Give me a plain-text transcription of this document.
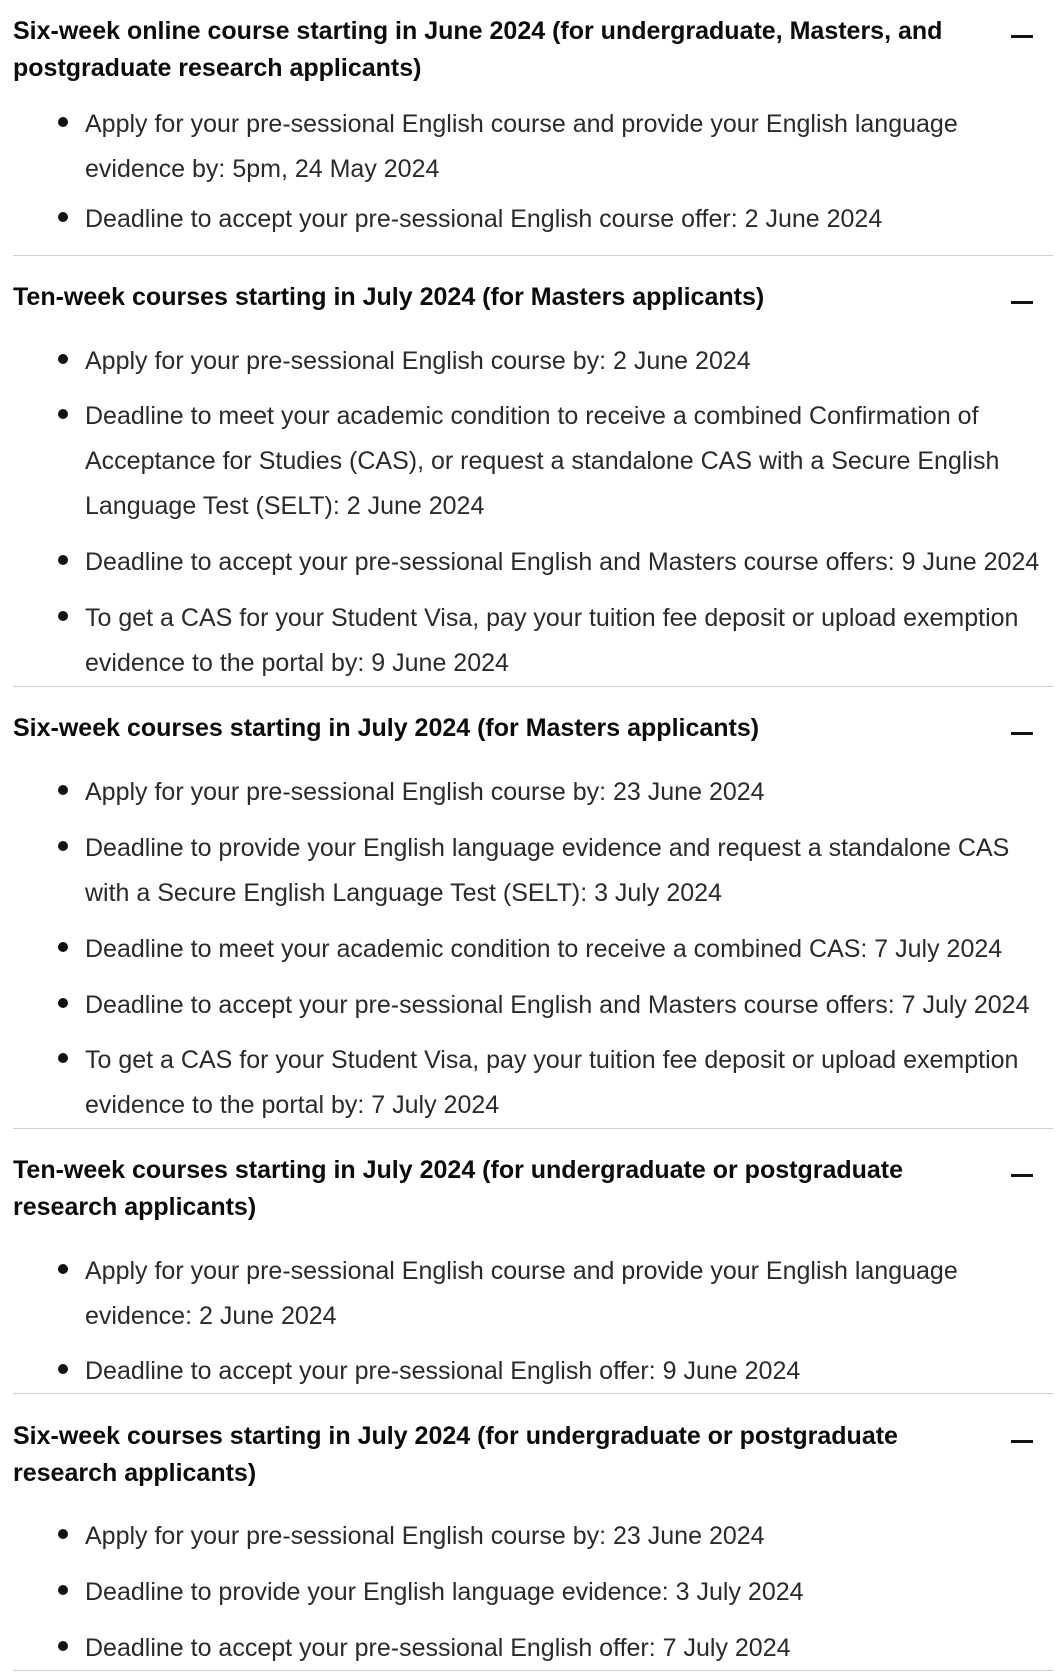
Six-week online course starting in June 2024 (for undergraduate, Masters, and postgraduate research applicants)
Apply for your pre-sessional English course and provide your English language evidence by: 5pm, 24 May 2024
Deadline to accept your pre-sessional English course offer: 2 June 2024
Ten-week courses starting in July 2024 (for Masters applicants)
Apply for your pre-sessional English course by: 2 June 2024
Deadline to meet your academic condition to receive a combined Confirmation of Acceptance for Studies (CAS), or request a standalone CAS with a Secure English Language Test (SELT): 2 June 2024
Deadline to accept your pre-sessional English and Masters course offers: 9 June 2024
To get a CAS for your Student Visa, pay your tuition fee deposit or upload exemption evidence to the portal by: 9 June 2024
Six-week courses starting in July 2024 (for Masters applicants)
Apply for your pre-sessional English course by: 23 June 2024
Deadline to provide your English language evidence and request a standalone CAS with a Secure English Language Test (SELT): 3 July 2024
Deadline to meet your academic condition to receive a combined CAS: 7 July 2024
Deadline to accept your pre-sessional English and Masters course offers: 7 July 2024
To get a CAS for your Student Visa, pay your tuition fee deposit or upload exemption evidence to the portal by: 7 July 2024
Ten-week courses starting in July 2024 (for undergraduate or postgraduate research applicants)
Apply for your pre-sessional English course and provide your English language evidence: 2 June 2024
Deadline to accept your pre-sessional English offer: 9 June 2024
Six-week courses starting in July 2024 (for undergraduate or postgraduate research applicants)
Apply for your pre-sessional English course by: 23 June 2024
Deadline to provide your English language evidence: 3 July 2024
Deadline to accept your pre-sessional English offer: 7 July 2024
